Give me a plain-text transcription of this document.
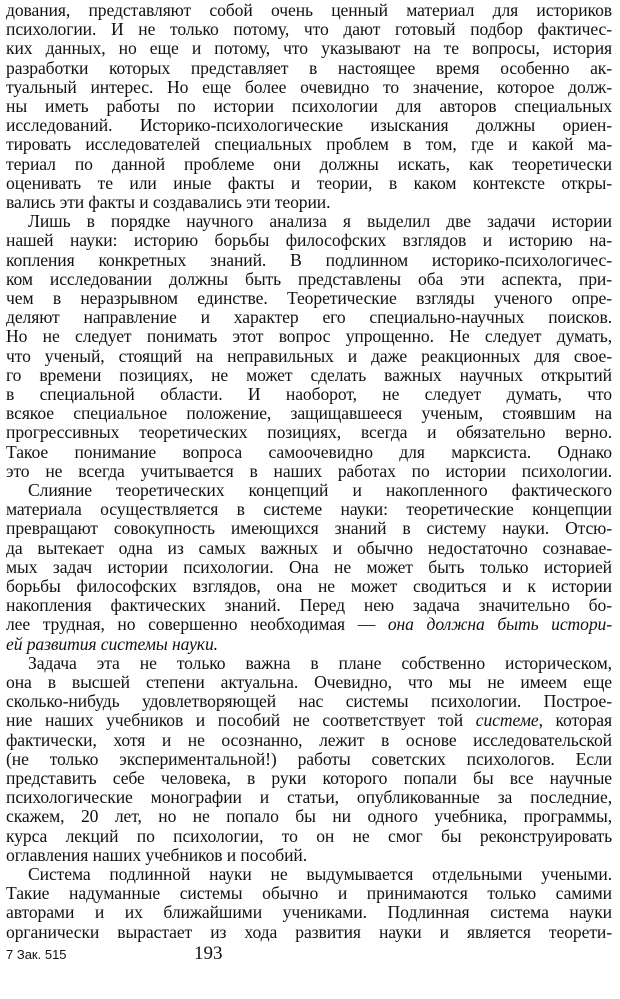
дования, представляют собой очень ценный материал для историков
психологии. И не только потому, что дают готовый подбор фактичес-
ких данных, но еще и потому, что указывают на те вопросы, история
разработки которых представляет в настоящее время особенно ак-
туальный интерес. Но еще более очевидно то значение, которое долж-
ны иметь работы по истории психологии для авторов специальных
исследований. Историко-психологические изыскания должны ориен-
тировать исследователей специальных проблем в том, где и какой ма-
териал по данной проблеме они должны искать, как теоретически
оценивать те или иные факты и теории, в каком контексте откры-
вались эти факты и создавались эти теории.
Лишь в порядке научного анализа я выделил две задачи истории
нашей науки: историю борьбы философских взглядов и историю на-
копления конкретных знаний. В подлинном историко-психологичес-
ком исследовании должны быть представлены оба эти аспекта, при-
чем в неразрывном единстве. Теоретические взгляды ученого опре-
деляют направление и характер его специально-научных поисков.
Но не следует понимать этот вопрос упрощенно. Не следует думать,
что ученый, стоящий на неправильных и даже реакционных для свое-
го времени позициях, не может сделать важных научных открытий
в специальной области. И наоборот, не следует думать, что
всякое специальное положение, защищавшееся ученым, стоявшим на
прогрессивных теоретических позициях, всегда и обязательно верно.
Такое понимание вопроса самоочевидно для марксиста. Однако
это не всегда учитывается в наших работах по истории психологии.
Слияние теоретических концепций и накопленного фактического
материала осуществляется в системе науки: теоретические концепции
превращают совокупность имеющихся знаний в систему науки. Отсю-
да вытекает одна из самых важных и обычно недостаточно сознавае-
мых задач истории психологии. Она не может быть только историей
борьбы философских взглядов, она не может сводиться и к истории
накопления фактических знаний. Перед нею задача значительно бо-
лее трудная, но совершенно необходимая — она должна быть истори-
ей развития системы науки.
Задача эта не только важна в плане собственно историческом,
она в высшей степени актуальна. Очевидно, что мы не имеем еще
сколько-нибудь удовлетворяющей нас системы психологии. Построе-
ние наших учебников и пособий не соответствует той системе, которая
фактически, хотя и не осознанно, лежит в основе исследовательской
(не только экспериментальной!) работы советских психологов. Если
представить себе человека, в руки которого попали бы все научные
психологические монографии и статьи, опубликованные за последние,
скажем, 20 лет, но не попало бы ни одного учебника, программы,
курса лекций по психологии, то он не смог бы реконструировать
оглавления наших учебников и пособий.
Система подлинной науки не выдумывается отдельными учеными.
Такие надуманные системы обычно и принимаются только самими
авторами и их ближайшими учениками. Подлинная система науки
органически вырастает из хода развития науки и является теорети-
7 Зак. 515	193
